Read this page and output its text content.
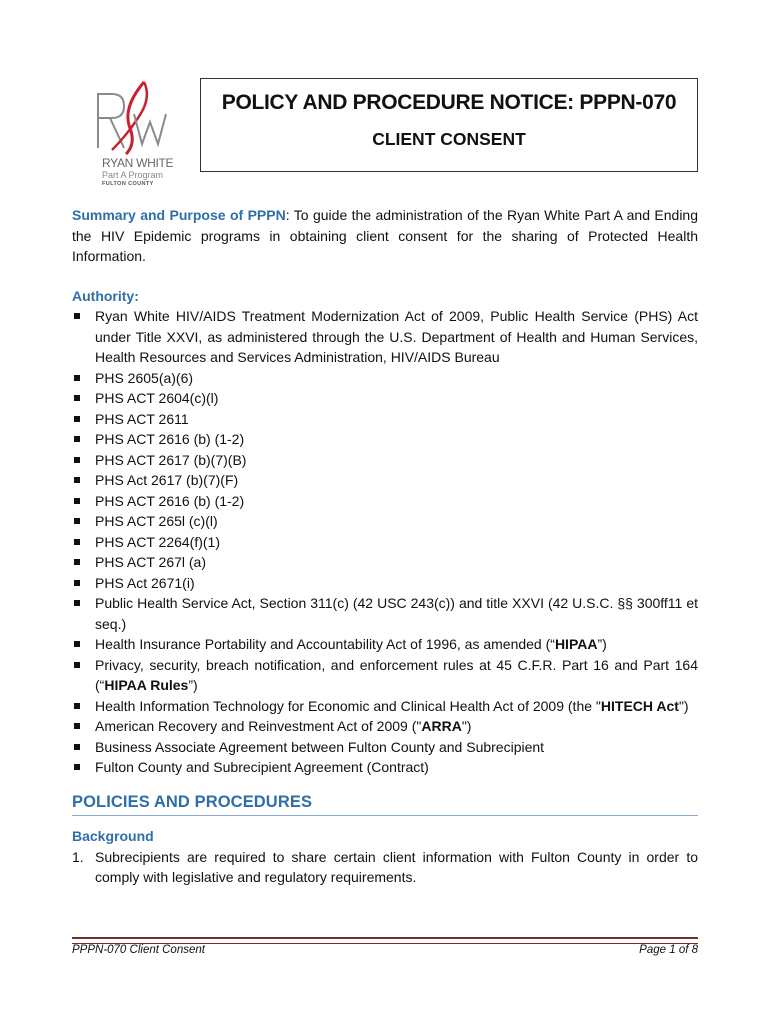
RYAN WHITE
Part A Program
FULTON COUNTY
POLICY AND PROCEDURE NOTICE: PPPN-070
CLIENT CONSENT

Summary and Purpose of PPPN: To guide the administration of the Ryan White Part A and Ending the HIV Epidemic programs in obtaining client consent for the sharing of Protected Health Information.

Authority:
Ryan White HIV/AIDS Treatment Modernization Act of 2009, Public Health Service (PHS) Act under Title XXVI, as administered through the U.S. Department of Health and Human Services, Health Resources and Services Administration, HIV/AIDS Bureau
PHS 2605(a)(6)
PHS ACT 2604(c)(l)
PHS ACT 2611
PHS ACT 2616 (b) (1-2)
PHS ACT 2617 (b)(7)(B)
PHS Act 2617 (b)(7)(F)
PHS ACT 2616 (b) (1-2)
PHS ACT 265l (c)(l)
PHS ACT 2264(f)(1)
PHS ACT 267l (a)
PHS Act 2671(i)
Public Health Service Act, Section 311(c) (42 USC 243(c)) and title XXVI (42 U.S.C. §§ 300ff11 et seq.)
Health Insurance Portability and Accountability Act of 1996, as amended (“HIPAA”)
Privacy, security, breach notification, and enforcement rules at 45 C.F.R. Part 16 and Part 164 (“HIPAA Rules”)
Health Information Technology for Economic and Clinical Health Act of 2009 (the "HITECH Act")
American Recovery and Reinvestment Act of 2009 ("ARRA")
Business Associate Agreement between Fulton County and Subrecipient
Fulton County and Subrecipient Agreement (Contract)
POLICIES AND PROCEDURES
Background
1. Subrecipients are required to share certain client information with Fulton County in order to comply with legislative and regulatory requirements.
PPPN-070 Client Consent	Page 1 of 8
